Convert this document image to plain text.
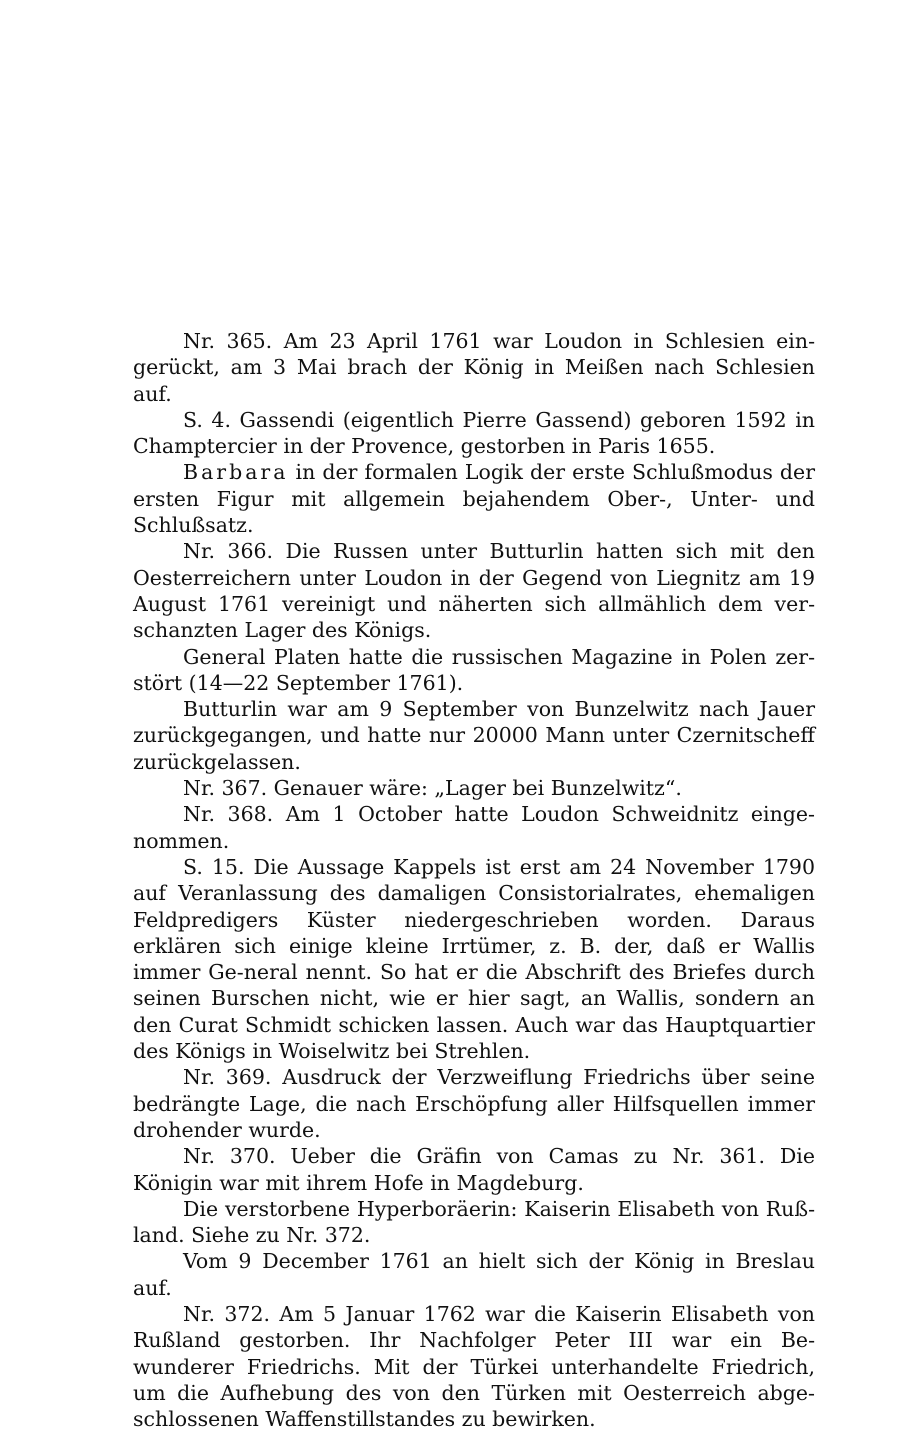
Nr. 365. Am 23 April 1761 war Loudon in Schlesien ein-gerückt, am 3 Mai brach der König in Meißen nach Schlesien auf.

S. 4. Gassendi (eigentlich Pierre Gassend) geboren 1592 in Champtercier in der Provence, gestorben in Paris 1655.

Barbara in der formalen Logik der erste Schlußmodus der ersten Figur mit allgemein bejahendem Ober-, Unter- und Schlußsatz.

Nr. 366. Die Russen unter Butturlin hatten sich mit den Oesterreichern unter Loudon in der Gegend von Liegnitz am 19 August 1761 vereinigt und näherten sich allmählich dem ver-schanzten Lager des Königs.

General Platen hatte die russischen Magazine in Polen zer-stört (14—22 September 1761).

Butturlin war am 9 September von Bunzelwitz nach Jauer zurückgegangen, und hatte nur 20000 Mann unter Czernitscheff zurückgelassen.

Nr. 367. Genauer wäre: „Lager bei Bunzelwitz“.

Nr. 368. Am 1 October hatte Loudon Schweidnitz einge-nommen.

S. 15. Die Aussage Kappels ist erst am 24 November 1790 auf Veranlassung des damaligen Consistorialrates, ehemaligen Feldpredigers Küster niedergeschrieben worden. Daraus erklären sich einige kleine Irrtümer, z. B. der, daß er Wallis immer Ge-neral nennt. So hat er die Abschrift des Briefes durch seinen Burschen nicht, wie er hier sagt, an Wallis, sondern an den Curat Schmidt schicken lassen. Auch war das Hauptquartier des Königs in Woiselwitz bei Strehlen.

Nr. 369. Ausdruck der Verzweiflung Friedrichs über seine bedrängte Lage, die nach Erschöpfung aller Hilfsquellen immer drohender wurde.

Nr. 370. Ueber die Gräfin von Camas zu Nr. 361. Die Königin war mit ihrem Hofe in Magdeburg.

Die verstorbene Hyperboräerin: Kaiserin Elisabeth von Ruß-land. Siehe zu Nr. 372.

Vom 9 December 1761 an hielt sich der König in Breslau auf.

Nr. 372. Am 5 Januar 1762 war die Kaiserin Elisabeth von Rußland gestorben. Ihr Nachfolger Peter III war ein Be-wunderer Friedrichs. Mit der Türkei unterhandelte Friedrich, um die Aufhebung des von den Türken mit Oesterreich abge-schlossenen Waffenstillstandes zu bewirken.
